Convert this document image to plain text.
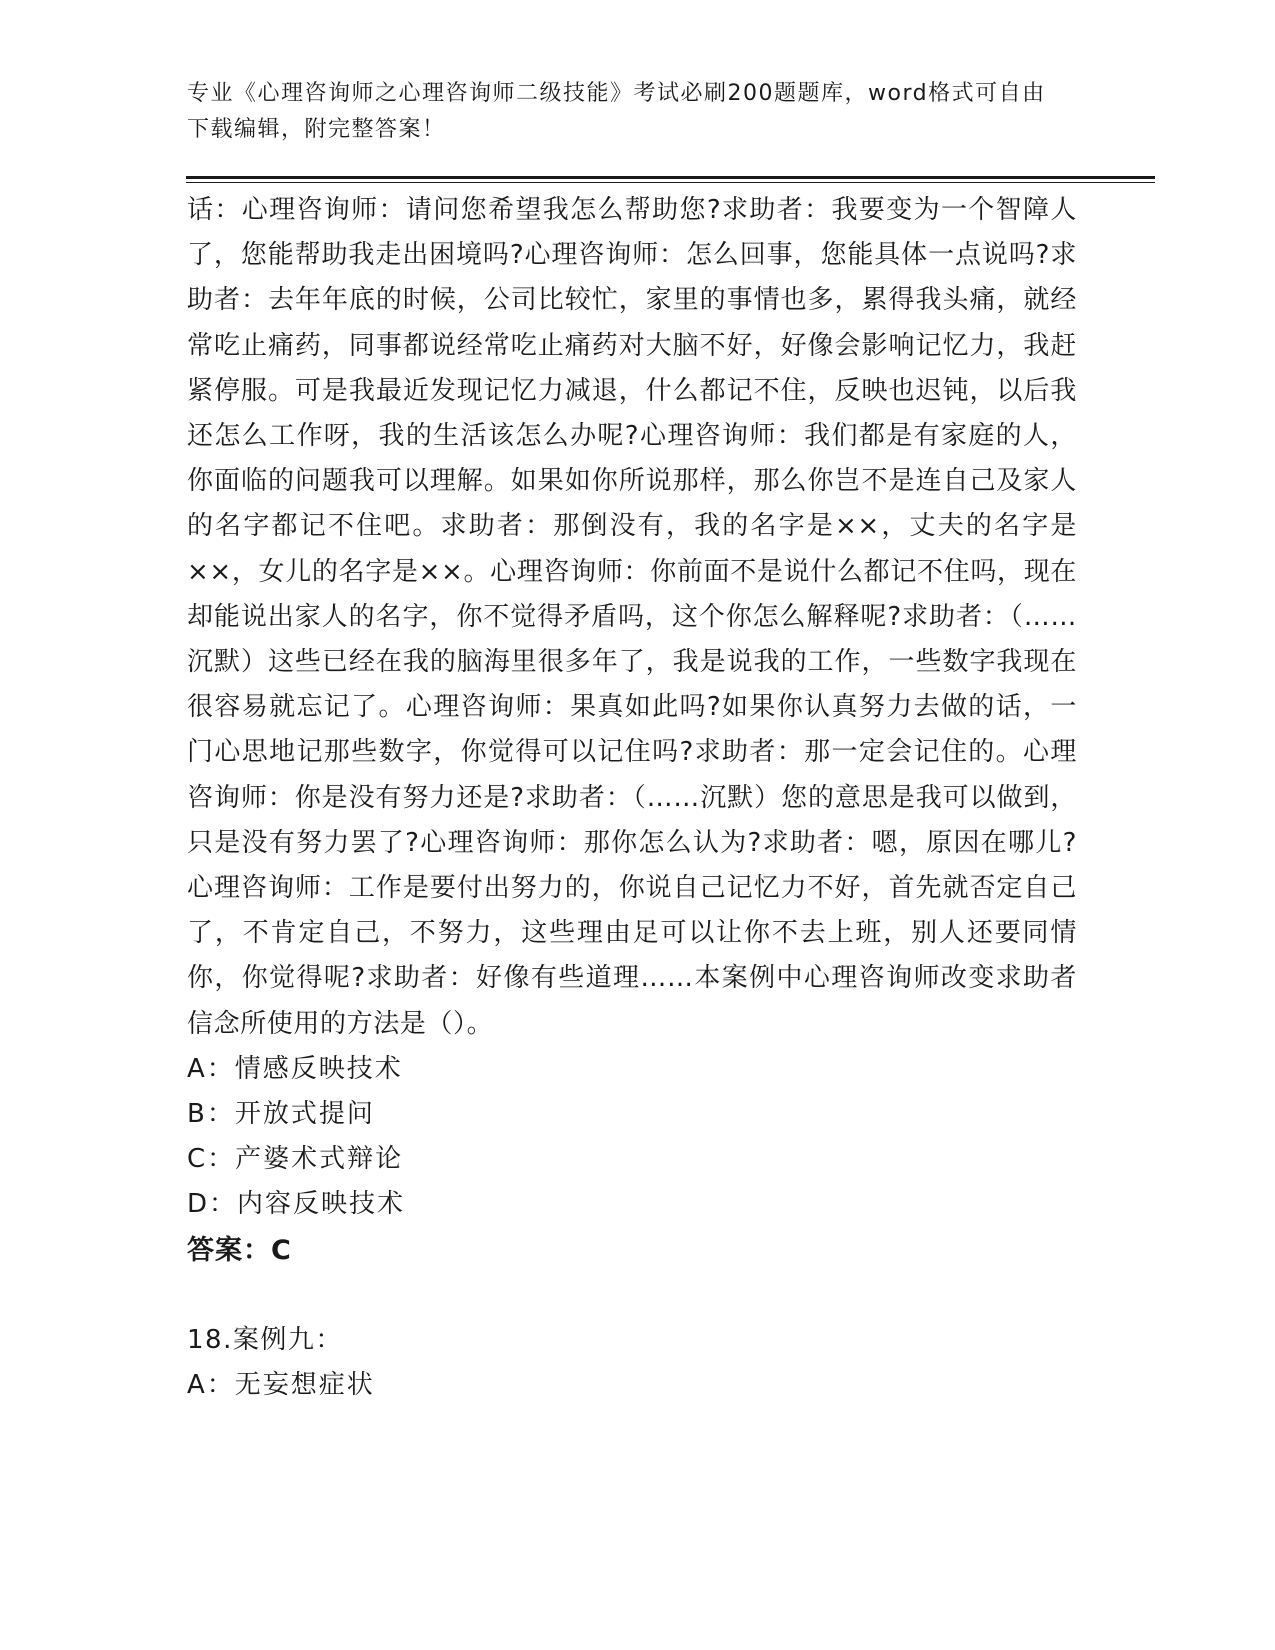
专业《心理咨询师之心理咨询师二级技能》考试必刷200题题库，word格式可自由下载编辑，附完整答案！

话：心理咨询师：请问您希望我怎么帮助您?求助者：我要变为一个智障人了，您能帮助我走出困境吗?心理咨询师：怎么回事，您能具体一点说吗?求助者：去年年底的时候，公司比较忙，家里的事情也多，累得我头痛，就经常吃止痛药，同事都说经常吃止痛药对大脑不好，好像会影响记忆力，我赶紧停服。可是我最近发现记忆力减退，什么都记不住，反映也迟钝，以后我还怎么工作呀，我的生活该怎么办呢?心理咨询师：我们都是有家庭的人，你面临的问题我可以理解。如果如你所说那样，那么你岂不是连自己及家人的名字都记不住吧。求助者：那倒没有，我的名字是××，丈夫的名字是××，女儿的名字是××。心理咨询师：你前面不是说什么都记不住吗，现在却能说出家人的名字，你不觉得矛盾吗，这个你怎么解释呢?求助者：（……沉默）这些已经在我的脑海里很多年了，我是说我的工作，一些数字我现在很容易就忘记了。心理咨询师：果真如此吗?如果你认真努力去做的话，一门心思地记那些数字，你觉得可以记住吗?求助者：那一定会记住的。心理咨询师：你是没有努力还是?求助者：（……沉默）您的意思是我可以做到，只是没有努力罢了?心理咨询师：那你怎么认为?求助者：嗯，原因在哪儿?心理咨询师：工作是要付出努力的，你说自己记忆力不好，首先就否定自己了，不肯定自己，不努力，这些理由足可以让你不去上班，别人还要同情你，你觉得呢?求助者：好像有些道理……本案例中心理咨询师改变求助者信念所使用的方法是（）。

A：情感反映技术

B：开放式提问

C：产婆术式辩论

D：内容反映技术

答案：C

18.案例九：

A：无妄想症状
